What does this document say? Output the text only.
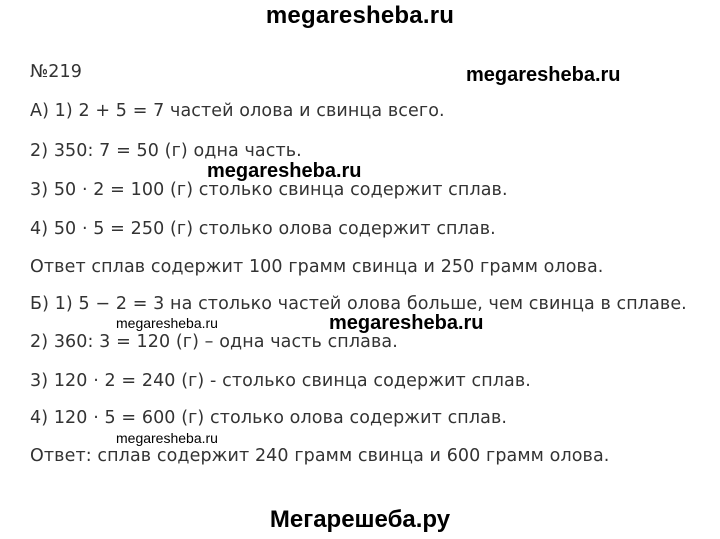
megaresheba.ru
№219	megaresheba.ru
А) 1) 2 + 5 = 7 частей олова и свинца всего.
2) 350: 7 = 50 (г) одна часть.
megaresheba.ru
3) 50 · 2 = 100 (г) столько свинца содержит сплав.
4) 50 · 5 = 250 (г) столько олова содержит сплав.
Ответ сплав содержит 100 грамм свинца и 250 грамм олова.
Б) 1) 5 − 2 = 3 на столько частей олова больше, чем свинца в сплаве.
megaresheba.ru	megaresheba.ru
2) 360: 3 = 120 (г) – одна часть сплава.
3) 120 · 2 = 240 (г) - столько свинца содержит сплав.
4) 120 · 5 = 600 (г) столько олова содержит сплав.
megaresheba.ru
Ответ: сплав содержит 240 грамм свинца и 600 грамм олова.
Мегарешеба.ру
